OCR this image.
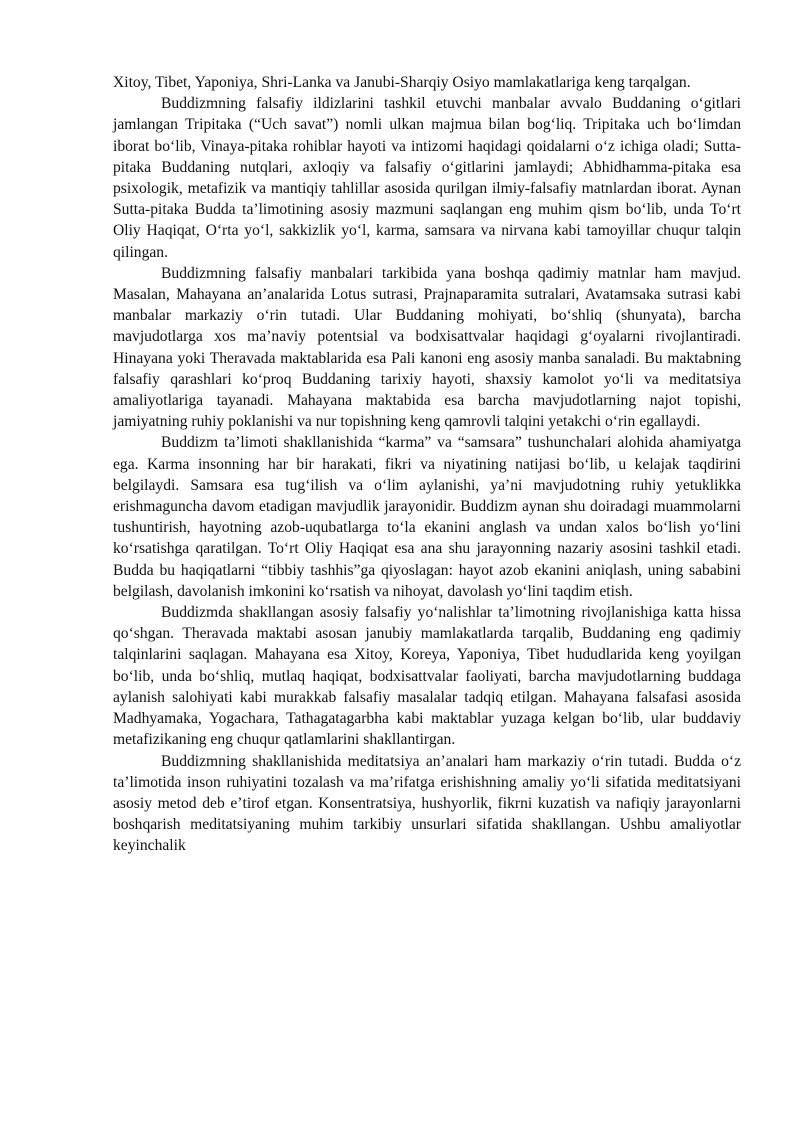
Xitoy, Tibet, Yaponiya, Shri-Lanka va Janubi-Sharqiy Osiyo mamlakatlariga keng tarqalgan.

Buddizmning falsafiy ildizlarini tashkil etuvchi manbalar avvalo Buddaning oʻgitlari jamlangan Tripitaka (“Uch savat”) nomli ulkan majmua bilan bogʻliq. Tripitaka uch boʻlimdan iborat boʻlib, Vinaya-pitaka rohiblar hayoti va intizomi haqidagi qoidalarni oʻz ichiga oladi; Sutta-pitaka Buddaning nutqlari, axloqiy va falsafiy oʻgitlarini jamlaydi; Abhidhamma-pitaka esa psixologik, metafizik va mantiqiy tahlillar asosida qurilgan ilmiy-falsafiy matnlardan iborat. Aynan Sutta-pitaka Budda taʼlimotining asosiy mazmuni saqlangan eng muhim qism boʻlib, unda Toʻrt Oliy Haqiqat, Oʻrta yoʻl, sakkizlik yoʻl, karma, samsara va nirvana kabi tamoyillar chuqur talqin qilingan.

Buddizmning falsafiy manbalari tarkibida yana boshqa qadimiy matnlar ham mavjud. Masalan, Mahayana anʼanalarida Lotus sutrasi, Prajnaparamita sutralari, Avatamsaka sutrasi kabi manbalar markaziy oʻrin tutadi. Ular Buddaning mohiyati, boʻshliq (shunyata), barcha mavjudotlarga xos maʼnaviy potentsial va bodxisattvalar haqidagi gʻoyalarni rivojlantiradi. Hinayana yoki Theravada maktablarida esa Pali kanoni eng asosiy manba sanaladi. Bu maktabning falsafiy qarashlari koʻproq Buddaning tarixiy hayoti, shaxsiy kamolot yoʻli va meditatsiya amaliyotlariga tayanadi. Mahayana maktabida esa barcha mavjudotlarning najot topishi, jamiyatning ruhiy poklanishi va nur topishning keng qamrovli talqini yetakchi oʻrin egallaydi.

Buddizm taʼlimoti shakllanishida “karma” va “samsara” tushunchalari alohida ahamiyatga ega. Karma insonning har bir harakati, fikri va niyatining natijasi boʻlib, u kelajak taqdirini belgilaydi. Samsara esa tugʻilish va oʻlim aylanishi, yaʼni mavjudotning ruhiy yetuklikka erishmaguncha davom etadigan mavjudlik jarayonidir. Buddizm aynan shu doiradagi muammolarni tushuntirish, hayotning azob-uqubatlarga toʻla ekanini anglash va undan xalos boʻlish yoʻlini koʻrsatishga qaratilgan. Toʻrt Oliy Haqiqat esa ana shu jarayonning nazariy asosini tashkil etadi. Budda bu haqiqatlarni “tibbiy tashhis”ga qiyoslagan: hayot azob ekanini aniqlash, uning sababini belgilash, davolanish imkonini koʻrsatish va nihoyat, davolash yoʻlini taqdim etish.

Buddizmda shakllangan asosiy falsafiy yoʻnalishlar taʼlimotning rivojlanishiga katta hissa qoʻshgan. Theravada maktabi asosan janubiy mamlakatlarda tarqalib, Buddaning eng qadimiy talqinlarini saqlagan. Mahayana esa Xitoy, Koreya, Yaponiya, Tibet hududlarida keng yoyilgan boʻlib, unda boʻshliq, mutlaq haqiqat, bodxisattvalar faoliyati, barcha mavjudotlarning buddaga aylanish salohiyati kabi murakkab falsafiy masalalar tadqiq etilgan. Mahayana falsafasi asosida Madhyamaka, Yogachara, Tathagatagarbha kabi maktablar yuzaga kelgan boʻlib, ular buddaviy metafizikaning eng chuqur qatlamlarini shakllantirgan.

Buddizmning shakllanishida meditatsiya anʼanalari ham markaziy oʻrin tutadi. Budda oʻz taʼlimotida inson ruhiyatini tozalash va maʼrifatga erishishning amaliy yoʻli sifatida meditatsiyani asosiy metod deb eʼtirof etgan. Konsentratsiya, hushyorlik, fikrni kuzatish va nafiqiy jarayonlarni boshqarish meditatsiyaning muhim tarkibiy unsurlari sifatida shakllangan. Ushbu amaliyotlar keyinchalik
